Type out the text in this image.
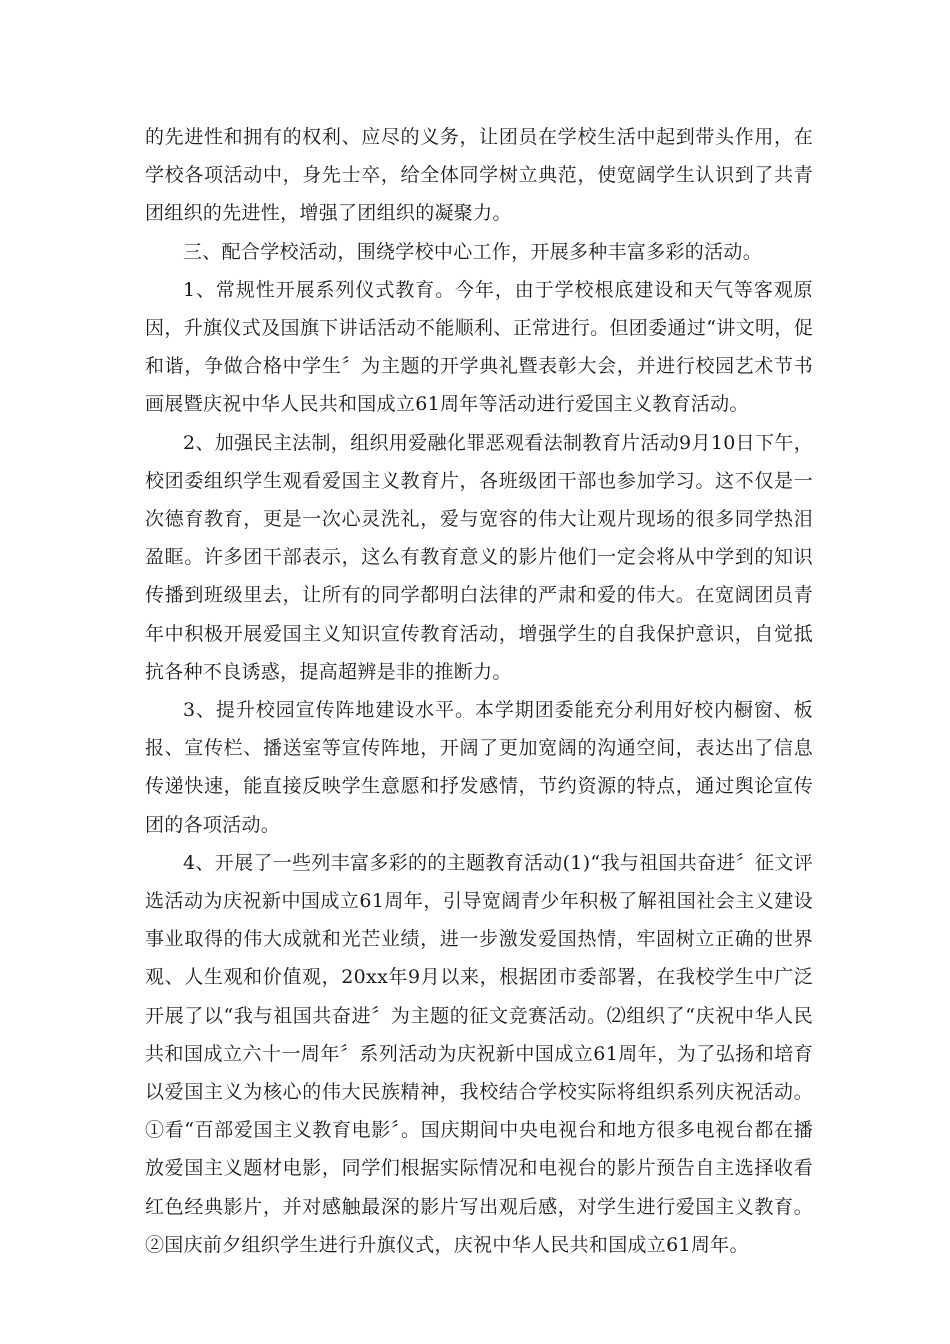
的先进性和拥有的权利、应尽的义务，让团员在学校生活中起到带头作用，在学校各项活动中，身先士卒，给全体同学树立典范，使宽阔学生认识到了共青团组织的先进性，增强了团组织的凝聚力。

三、配合学校活动，围绕学校中心工作，开展多种丰富多彩的活动。

1、常规性开展系列仪式教育。今年，由于学校根底建设和天气等客观原因，升旗仪式及国旗下讲话活动不能顺利、正常进行。但团委通过“讲文明，促和谐，争做合格中学生〞为主题的开学典礼暨表彰大会，并进行校园艺术节书画展暨庆祝中华人民共和国成立61周年等活动进行爱国主义教育活动。

2、加强民主法制，组织用爱融化罪恶观看法制教育片活动9月10日下午，校团委组织学生观看爱国主义教育片，各班级团干部也参加学习。这不仅是一次德育教育，更是一次心灵洗礼，爱与宽容的伟大让观片现场的很多同学热泪盈眶。许多团干部表示，这么有教育意义的影片他们一定会将从中学到的知识传播到班级里去，让所有的同学都明白法律的严肃和爱的伟大。在宽阔团员青年中积极开展爱国主义知识宣传教育活动，增强学生的自我保护意识，自觉抵抗各种不良诱惑，提高超辨是非的推断力。

3、提升校园宣传阵地建设水平。本学期团委能充分利用好校内橱窗、板报、宣传栏、播送室等宣传阵地，开阔了更加宽阔的沟通空间，表达出了信息传递快速，能直接反映学生意愿和抒发感情，节约资源的特点，通过舆论宣传团的各项活动。

4、开展了一些列丰富多彩的的主题教育活动(1)“我与祖国共奋进〞征文评选活动为庆祝新中国成立61周年，引导宽阔青少年积极了解祖国社会主义建设事业取得的伟大成就和光芒业绩，进一步激发爱国热情，牢固树立正确的世界观、人生观和价值观，20xx年9月以来，根据团市委部署，在我校学生中广泛开展了以“我与祖国共奋进〞为主题的征文竞赛活动。⑵组织了“庆祝中华人民共和国成立六十一周年〞系列活动为庆祝新中国成立61周年，为了弘扬和培育以爱国主义为核心的伟大民族精神，我校结合学校实际将组织系列庆祝活动。①看“百部爱国主义教育电影〞。国庆期间中央电视台和地方很多电视台都在播放爱国主义题材电影，同学们根据实际情况和电视台的影片预告自主选择收看红色经典影片，并对感触最深的影片写出观后感，对学生进行爱国主义教育。②国庆前夕组织学生进行升旗仪式，庆祝中华人民共和国成立61周年。
